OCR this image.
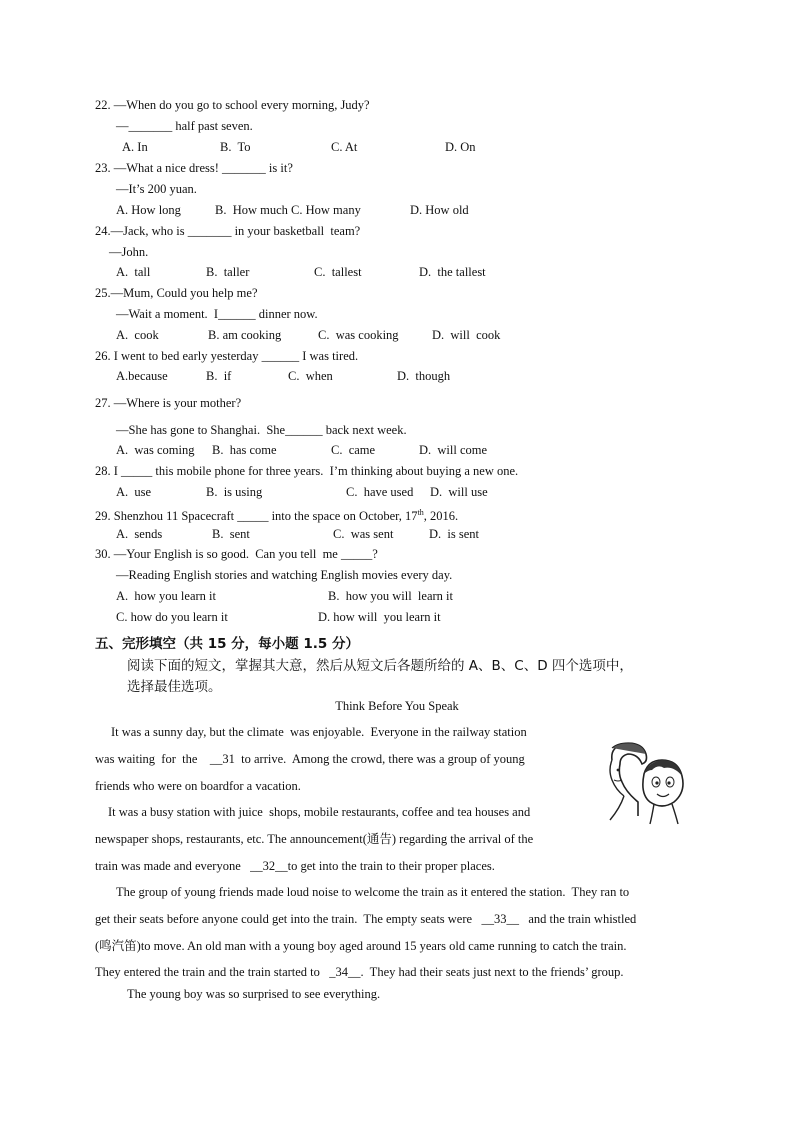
22. —When do you go to school every morning, Judy?
—_______ half past seven.
A. In	B.  To	C. At	D. On
23. —What a nice dress! _______ is it?
—It’s 200 yuan.
A. How long	B.  How much C. How many	D. How old
24.—Jack, who is _______ in your basketball  team?
—John.
A.  tall	B.  taller	C.  tallest	D.  the tallest
25.—Mum, Could you help me?
—Wait a moment.  I______ dinner now.
A.  cook	B. am cooking	C.  was cooking	D.  will  cook
26. I went to bed early yesterday ______ I was tired.
A.because	B.  if	C.  when	D.  though
27. —Where is your mother?
—She has gone to Shanghai.  She______ back next week.
A.  was coming B.  has come	C.  came	D.  will come
28. I _____ this mobile phone for three years.  I’m thinking about buying a new one.
A.  use	B.  is using	C.  have used D.  will use
29. Shenzhou 11 Spacecraft _____ into the space on October, 17th, 2016.
A.  sends	B.  sent	C.  was sent	D.  is sent
30. —Your English is so good.  Can you tell  me _____?
—Reading English stories and watching English movies every day.
A.  how you learn it	B.  how you will  learn it
C. how do you learn it	D. how will  you learn it
五、完形填空（共 15 分，每小题 1.5 分）
阅读下面的短文，掌握其大意，然后从短文后各题所给的 A、B、C、D 四个选项中，
选择最佳选项。
Think Before You Speak
It was a sunny day, but the climate  was enjoyable.  Everyone in the railway station
was waiting  for  the    __31  to arrive.  Among the crowd, there was a group of young
friends who were on boardfor a vacation.
It was a busy station with juice  shops, mobile restaurants, coffee and tea houses and
newspaper shops, restaurants, etc. The announcement(通告) regarding the arrival of the
train was made and everyone   __32__to get into the train to their proper places.
The group of young friends made loud noise to welcome the train as it entered the station.  They ran to
get their seats before anyone could get into the train.  The empty seats were   __33__   and the train whistled
(鸣汽笛)to move. An old man with a young boy aged around 15 years old came running to catch the train.
They entered the train and the train started to   _34__.  They had their seats just next to the friends’ group.
The young boy was so surprised to see everything.
